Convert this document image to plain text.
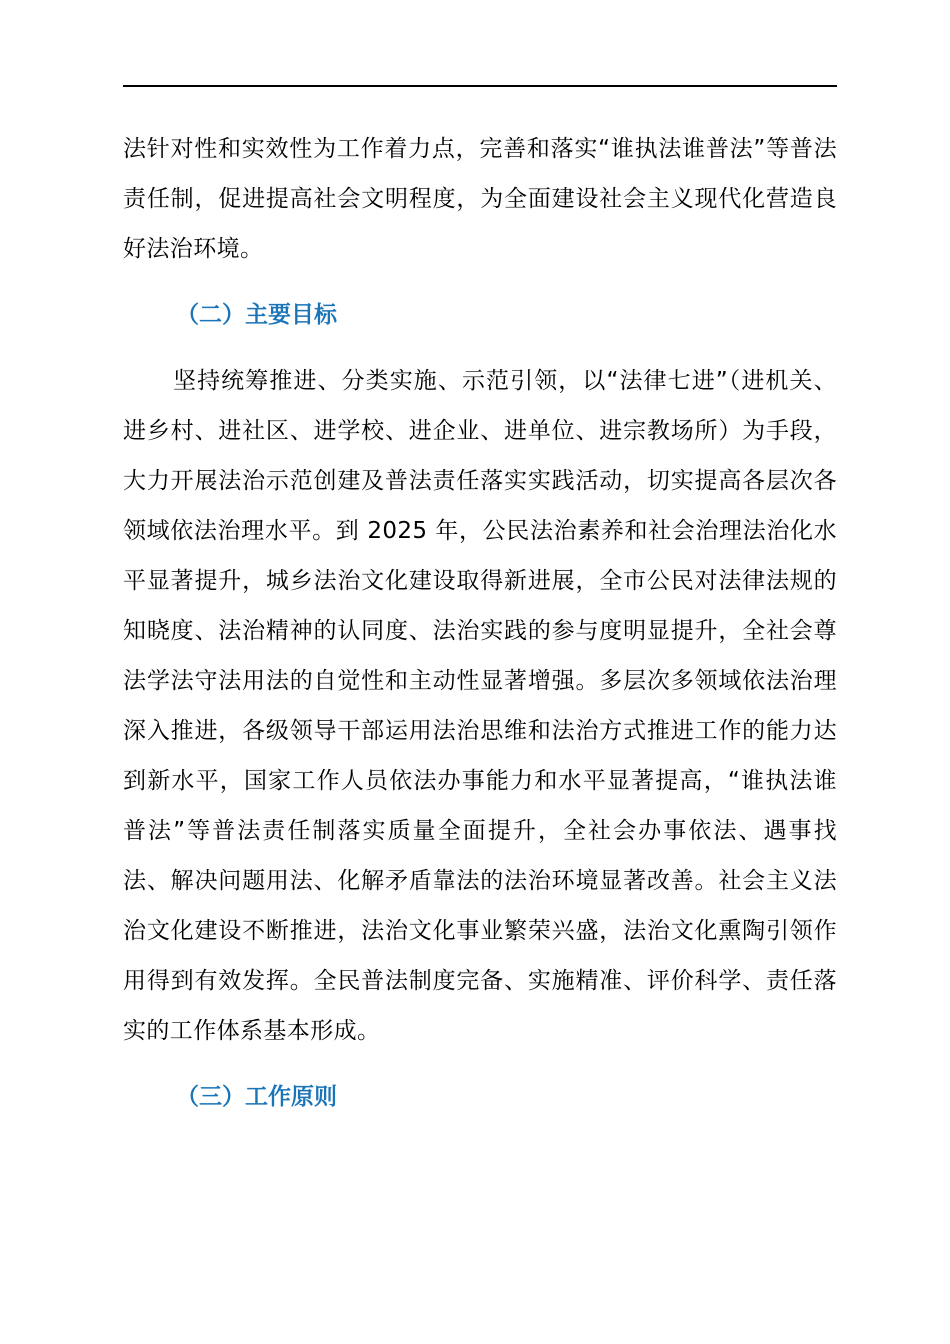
法针对性和实效性为工作着力点，完善和落实“谁执法谁普法”等普法责任制，促进提高社会文明程度，为全面建设社会主义现代化营造良好法治环境。

（二）主要目标

坚持统筹推进、分类实施、示范引领，以“法律七进”（进机关、进乡村、进社区、进学校、进企业、进单位、进宗教场所）为手段，大力开展法治示范创建及普法责任落实实践活动，切实提高各层次各领域依法治理水平。到 2025 年，公民法治素养和社会治理法治化水平显著提升，城乡法治文化建设取得新进展，全市公民对法律法规的知晓度、法治精神的认同度、法治实践的参与度明显提升，全社会尊法学法守法用法的自觉性和主动性显著增强。多层次多领域依法治理深入推进，各级领导干部运用法治思维和法治方式推进工作的能力达到新水平，国家工作人员依法办事能力和水平显著提高，“谁执法谁普法”等普法责任制落实质量全面提升，全社会办事依法、遇事找法、解决问题用法、化解矛盾靠法的法治环境显著改善。社会主义法治文化建设不断推进，法治文化事业繁荣兴盛，法治文化熏陶引领作用得到有效发挥。全民普法制度完备、实施精准、评价科学、责任落实的工作体系基本形成。

（三）工作原则
